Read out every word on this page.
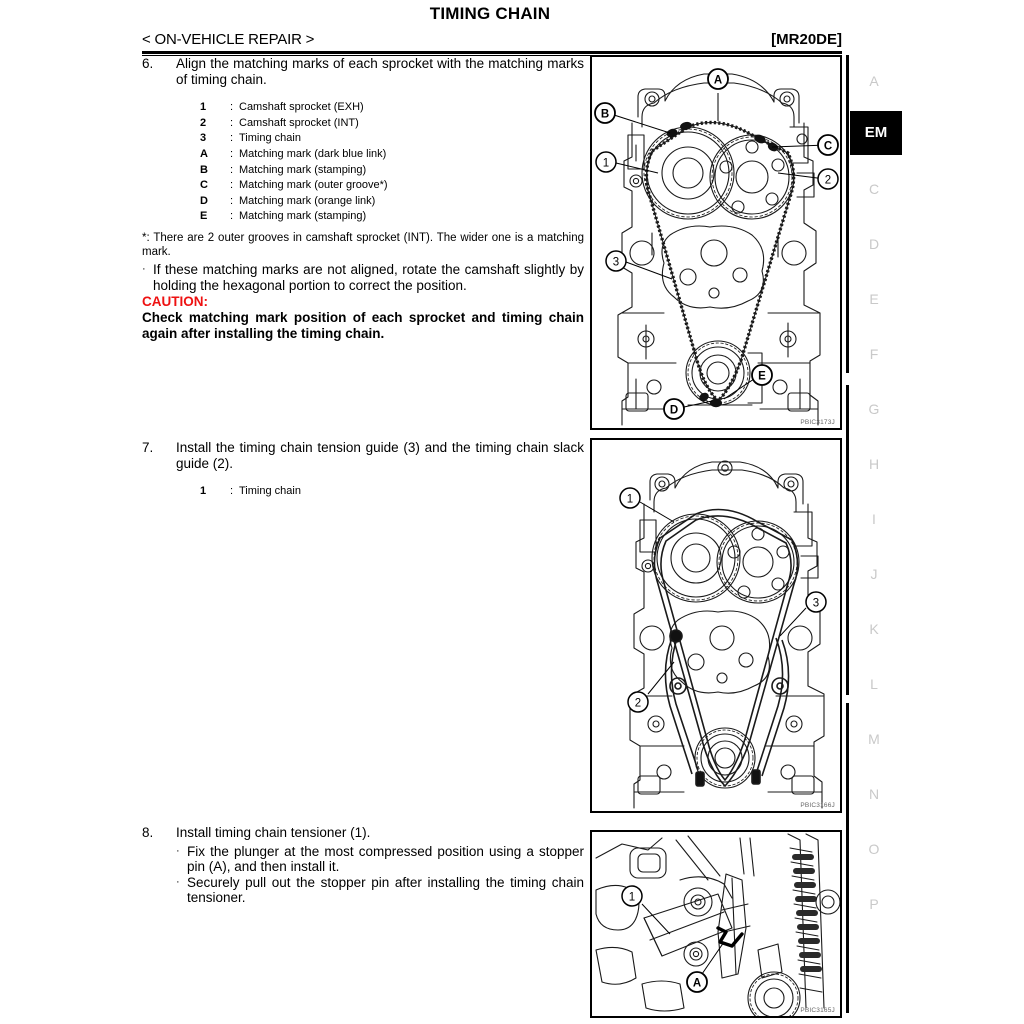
TIMING CHAIN
< ON-VEHICLE REPAIR >	[MR20DE]
6.	Align the matching marks of each sprocket with the matching marks of timing chain.
1	: Camshaft sprocket (EXH)
2	: Camshaft sprocket (INT)
3	: Timing chain
A	: Matching mark (dark blue link)
B	: Matching mark (stamping)
C	: Matching mark (outer groove*)
D	: Matching mark (orange link)
E	: Matching mark (stamping)
*: There are 2 outer grooves in camshaft sprocket (INT). The wider one is a matching mark.
· If these matching marks are not aligned, rotate the camshaft slightly by holding the hexagonal portion to correct the position.
CAUTION:
Check matching mark position of each sprocket and timing chain again after installing the timing chain.
7.	Install the timing chain tension guide (3) and the timing chain slack guide (2).
1	: Timing chain
8.	Install timing chain tensioner (1).
· Fix the plunger at the most compressed position using a stopper pin (A), and then install it.
· Securely pull out the stopper pin after installing the timing chain tensioner.
A
B
C
1
2
3
D
E
PBIC3173J
1
2
3
PBIC3166J
1
A
PBIC3165J
A
EM
C
D
E
F
G
H
I
J
K
L
M
N
O
P
